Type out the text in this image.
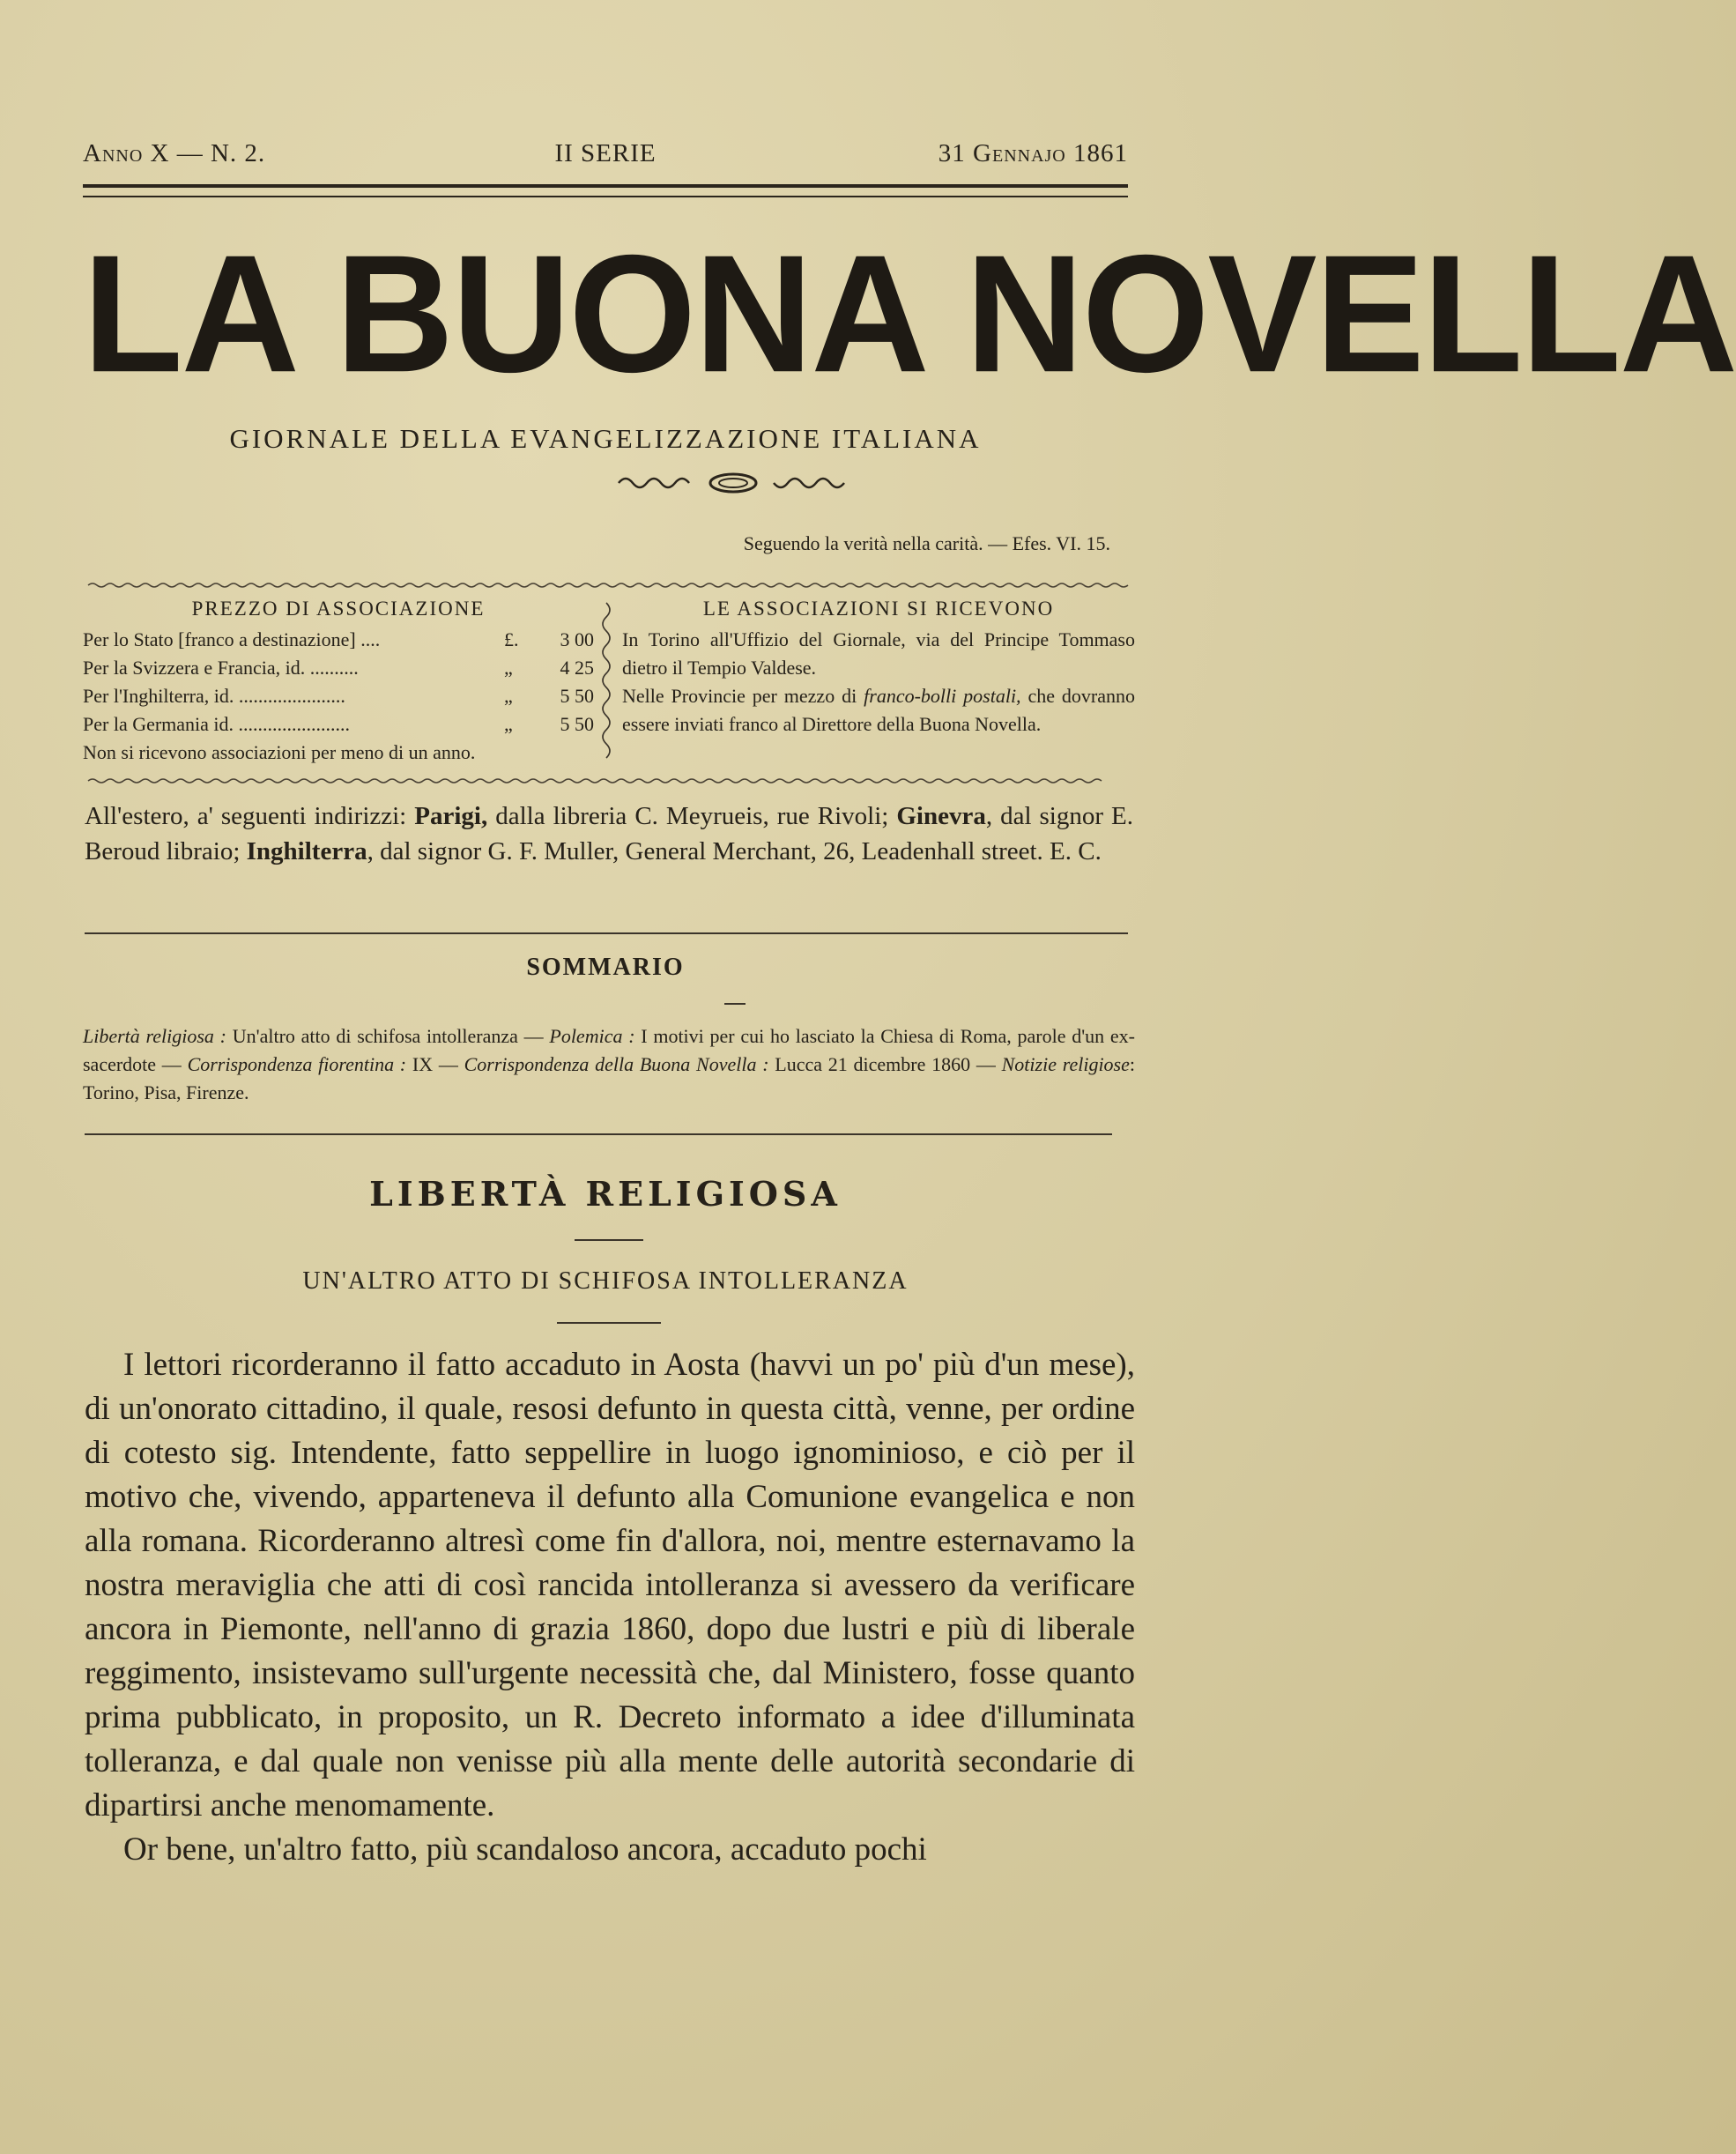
Anno X — N. 2.	II SERIE	31 Gennajo 1861
LA BUONA NOVELLA
GIORNALE DELLA EVANGELIZZAZIONE ITALIANA
Seguendo la verità nella carità. — Efes. VI. 15.
PREZZO DI ASSOCIAZIONE	LE ASSOCIAZIONI SI RICEVONO
Per lo Stato [franco a destinazione] ....	£. 3 00
Per la Svizzera e Francia, id. ..........	„ 4 25
Per l'Inghilterra, id. ......................	„ 5 50
Per la Germania id. .......................	„ 5 50
Non si ricevono associazioni per meno di un anno.

In Torino all'Uffizio del Giornale, via del Principe Tommaso dietro il Tempio Valdese.

Nelle Provincie per mezzo di franco-bolli postali, che dovranno essere inviati franco al Direttore della Buona Novella.

All'estero, a' seguenti indirizzi: Parigi, dalla libreria C. Meyrueis, rue Rivoli; Ginevra, dal signor E. Beroud libraio; Inghilterra, dal signor G. F. Muller, General Merchant, 26, Leadenhall street. E. C.
SOMMARIO

Libertà religiosa : Un'altro atto di schifosa intolleranza — Polemica : I motivi per cui ho lasciato la Chiesa di Roma, parole d'un ex-sacerdote — Corrispondenza fiorentina : IX — Corrispondenza della Buona Novella : Lucca 21 dicembre 1860 — Notizie religiose: Torino, Pisa, Firenze.

LIBERTÀ RELIGIOSA
UN'ALTRO ATTO DI SCHIFOSA INTOLLERANZA

I lettori ricorderanno il fatto accaduto in Aosta (havvi un po' più d'un mese), di un'onorato cittadino, il quale, resosi defunto in questa città, venne, per ordine di cotesto sig. Intendente, fatto seppellire in luogo ignominioso, e ciò per il motivo che, vivendo, apparteneva il defunto alla Comunione evangelica e non alla romana. Ricorderanno altresì come fin d'allora, noi, mentre esternavamo la nostra meraviglia che atti di così rancida intolleranza si avessero da verificare ancora in Piemonte, nell'anno di grazia 1860, dopo due lustri e più di liberale reggimento, insistevamo sull'urgente necessità che, dal Ministero, fosse quanto prima pubblicato, in proposito, un R. Decreto informato a idee d'illuminata tolleranza, e dal quale non venisse più alla mente delle autorità secondarie di dipartirsi anche menomamente.

Or bene, un'altro fatto, più scandaloso ancora, accaduto pochi
